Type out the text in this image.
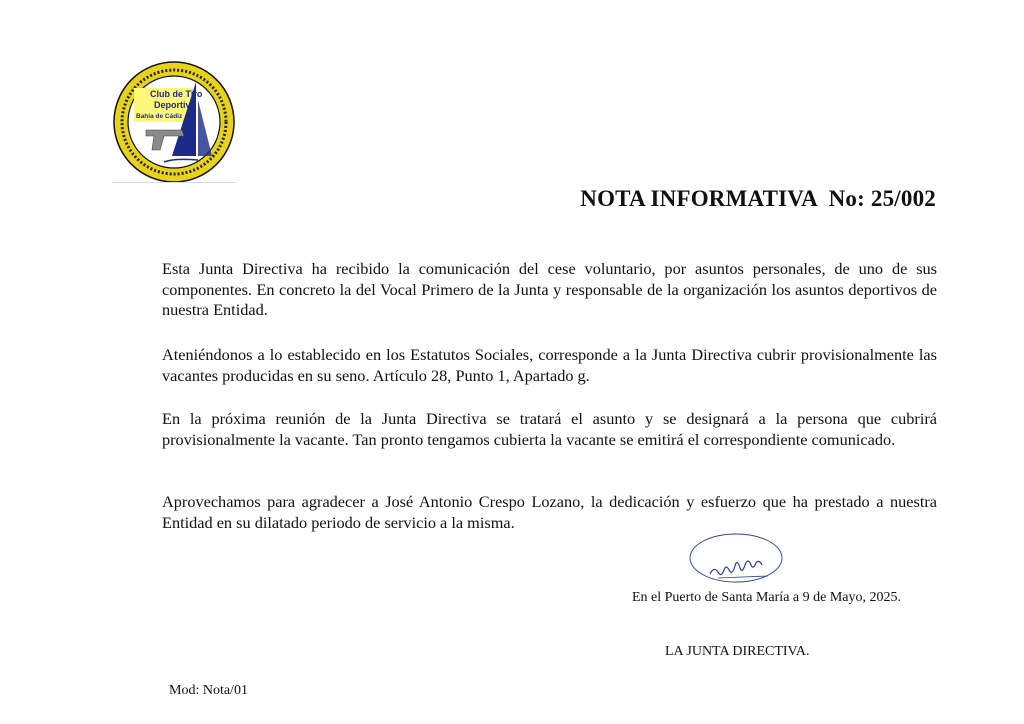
Club de Tiro
Deportivo
Bahía de Cádiz
NOTA INFORMATIVA  No: 25/002
Esta Junta Directiva ha recibido la comunicación del cese voluntario, por asuntos personales, de uno de sus componentes. En concreto la del Vocal Primero de la Junta y responsable de la organización los asuntos deportivos de nuestra Entidad.
Ateniéndonos a lo establecido en los Estatutos Sociales, corresponde a la Junta Directiva cubrir provisionalmente las vacantes producidas en su seno. Artículo 28, Punto 1, Apartado g.
En la próxima reunión de la Junta Directiva se tratará el asunto y se designará a la persona que cubrirá provisionalmente la vacante. Tan pronto tengamos cubierta la vacante se emitirá el correspondiente comunicado.
Aprovechamos para agradecer a José Antonio Crespo Lozano, la dedicación y esfuerzo que ha prestado a nuestra Entidad en su dilatado periodo de servicio a la misma.
En el Puerto de Santa María a 9 de Mayo, 2025.
LA JUNTA DIRECTIVA.
Mod: Nota/01
